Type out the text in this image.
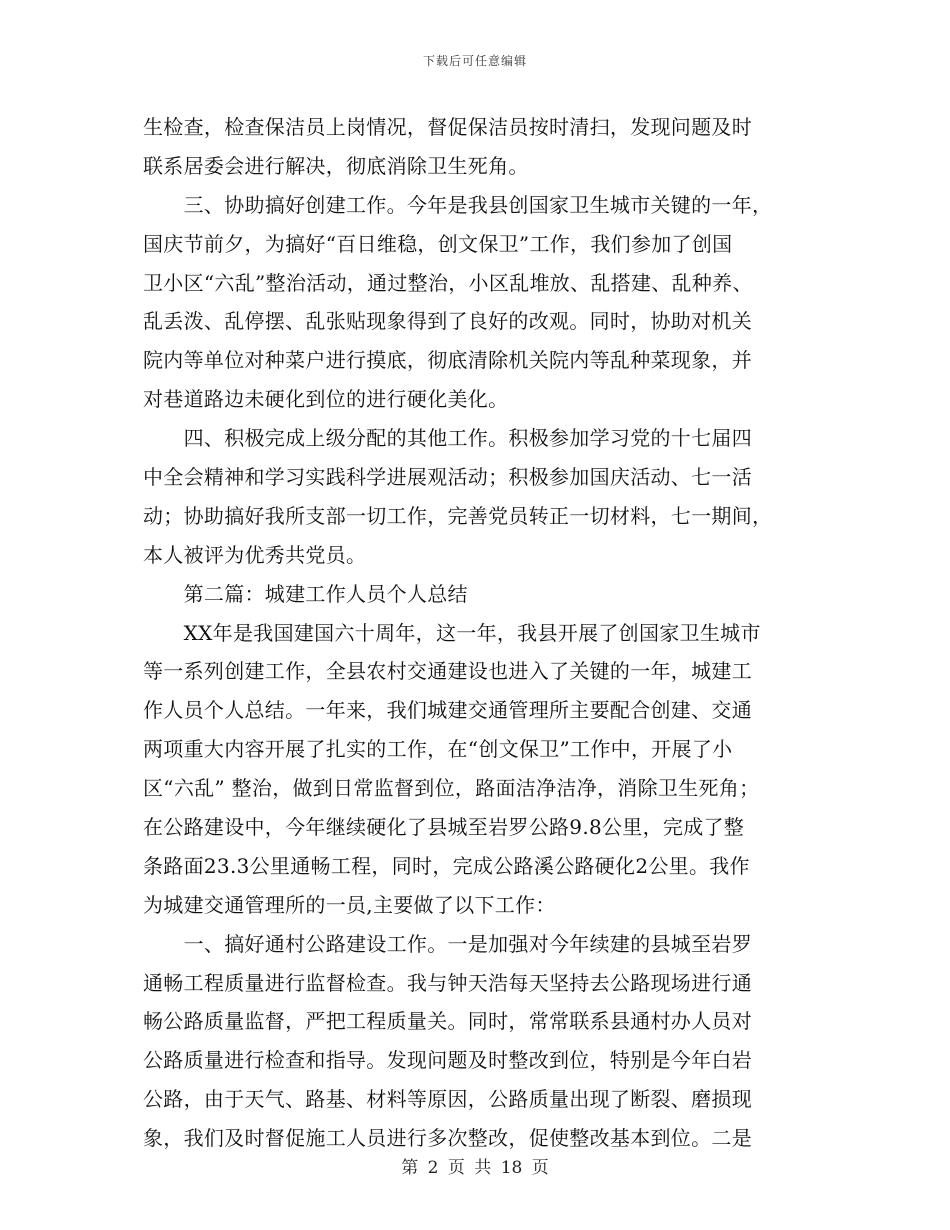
下载后可任意编辑
生检查，检查保洁员上岗情况，督促保洁员按时清扫，发现问题及时
联系居委会进行解决，彻底消除卫生死角。
　　三、协助搞好创建工作。今年是我县创国家卫生城市关键的一年，
国庆节前夕，为搞好“百日维稳，创文保卫”工作，我们参加了创国
卫小区“六乱”整治活动，通过整治，小区乱堆放、乱搭建、乱种养、
乱丢泼、乱停摆、乱张贴现象得到了良好的改观。同时，协助对机关
院内等单位对种菜户进行摸底，彻底清除机关院内等乱种菜现象，并
对巷道路边未硬化到位的进行硬化美化。
　　四、积极完成上级分配的其他工作。积极参加学习党的十七届四
中全会精神和学习实践科学进展观活动；积极参加国庆活动、七一活
动；协助搞好我所支部一切工作，完善党员转正一切材料，七一期间，
本人被评为优秀共党员。
　　第二篇：城建工作人员个人总结
　　XX年是我国建国六十周年，这一年，我县开展了创国家卫生城市
等一系列创建工作，全县农村交通建设也进入了关键的一年，城建工
作人员个人总结。一年来，我们城建交通管理所主要配合创建、交通
两项重大内容开展了扎实的工作，在“创文保卫”工作中，开展了小
区“六乱” 整治，做到日常监督到位，路面洁净洁净，消除卫生死角；
在公路建设中，今年继续硬化了县城至岩罗公路9.8公里，完成了整
条路面23.3公里通畅工程，同时，完成公路溪公路硬化2公里。我作
为城建交通管理所的一员,主要做了以下工作：
　　一、搞好通村公路建设工作。一是加强对今年续建的县城至岩罗
通畅工程质量进行监督检查。我与钟天浩每天坚持去公路现场进行通
畅公路质量监督，严把工程质量关。同时，常常联系县通村办人员对
公路质量进行检查和指导。发现问题及时整改到位，特别是今年白岩
公路，由于天气、路基、材料等原因，公路质量出现了断裂、磨损现
象，我们及时督促施工人员进行多次整改，促使整改基本到位。二是
第 2 页 共 18 页
